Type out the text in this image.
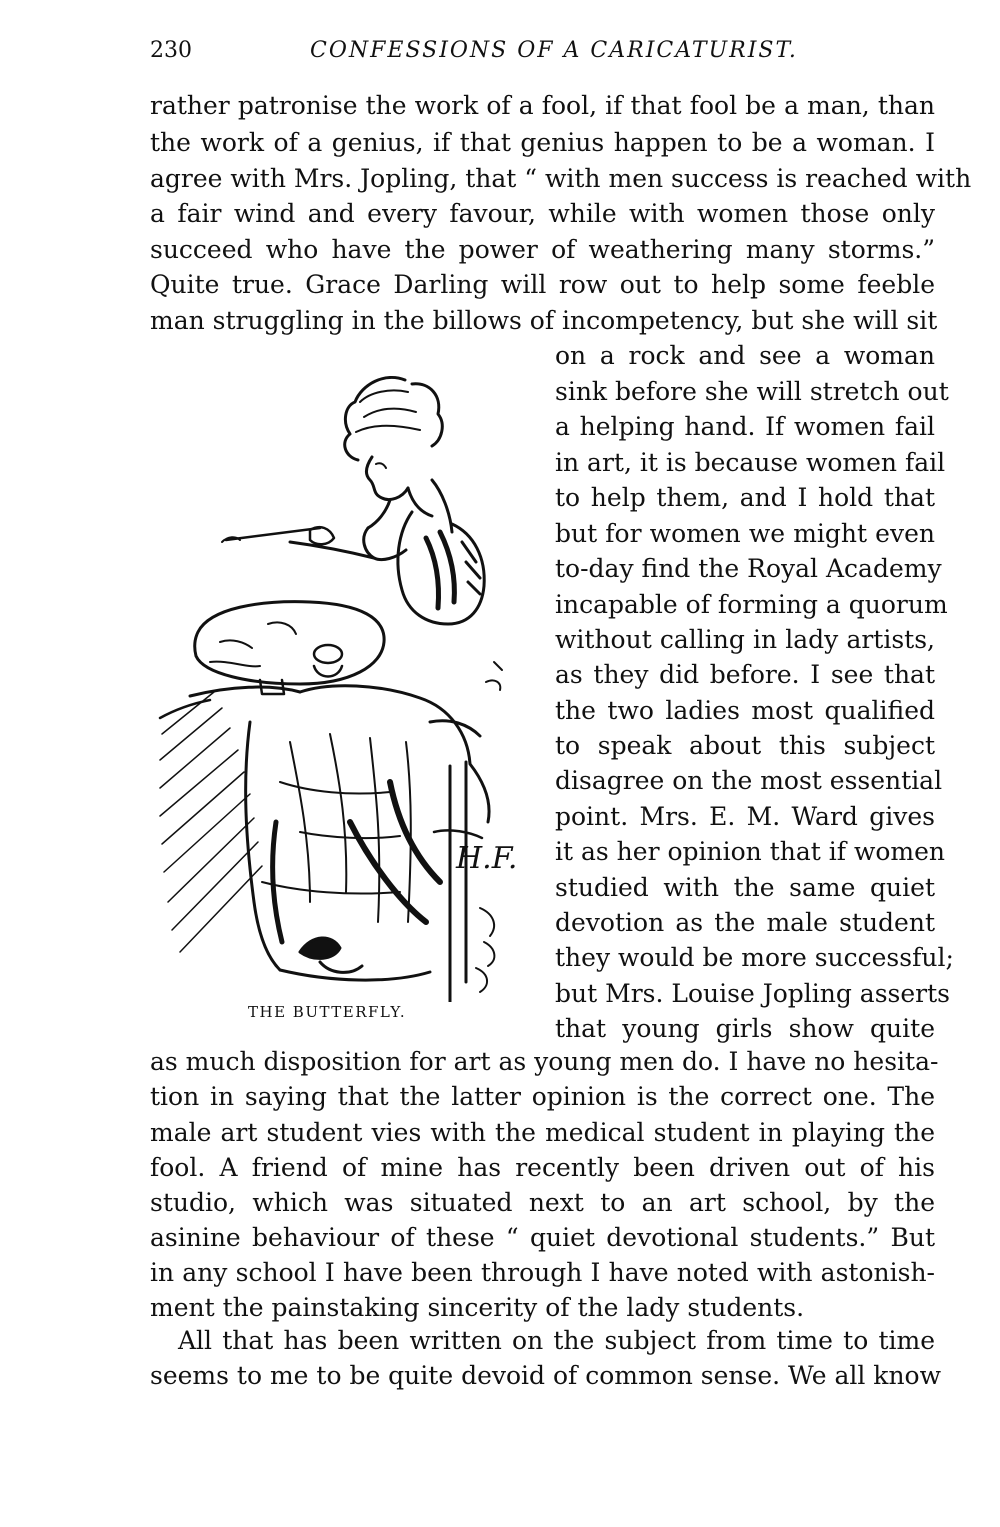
230	CONFESSIONS OF A CARICATURIST.
rather patronise the work of a fool, if that fool be a man, than
the work of a genius, if that genius happen to be a woman. I
agree with Mrs. Jopling, that “ with men success is reached with
a fair wind and every favour, while with women those only
succeed who have the power of weathering many storms.”
Quite true. Grace Darling will row out to help some feeble
man struggling in the billows of incompetency, but she will sit
on a rock and see a woman
sink before she will stretch out
a helping hand. If women fail
in art, it is because women fail
to help them, and I hold that
but for women we might even
to-day find the Royal Academy
incapable of forming a quorum
without calling in lady artists,
as they did before. I see that
the two ladies most qualified
to speak about this subject
disagree on the most essential
point. Mrs. E. M. Ward gives
it as her opinion that if women
studied with the same quiet
devotion as the male student
they would be more successful;
but Mrs. Louise Jopling asserts
that young girls show quite
as much disposition for art as young men do. I have no hesita-
tion in saying that the latter opinion is the correct one. The
male art student vies with the medical student in playing the
fool. A friend of mine has recently been driven out of his
studio, which was situated next to an art school, by the
asinine behaviour of these “ quiet devotional students.” But
in any school I have been through I have noted with astonish-
ment the painstaking sincerity of the lady students.
All that has been written on the subject from time to time
seems to me to be quite devoid of common sense. We all know
H.F.
THE BUTTERFLY.
